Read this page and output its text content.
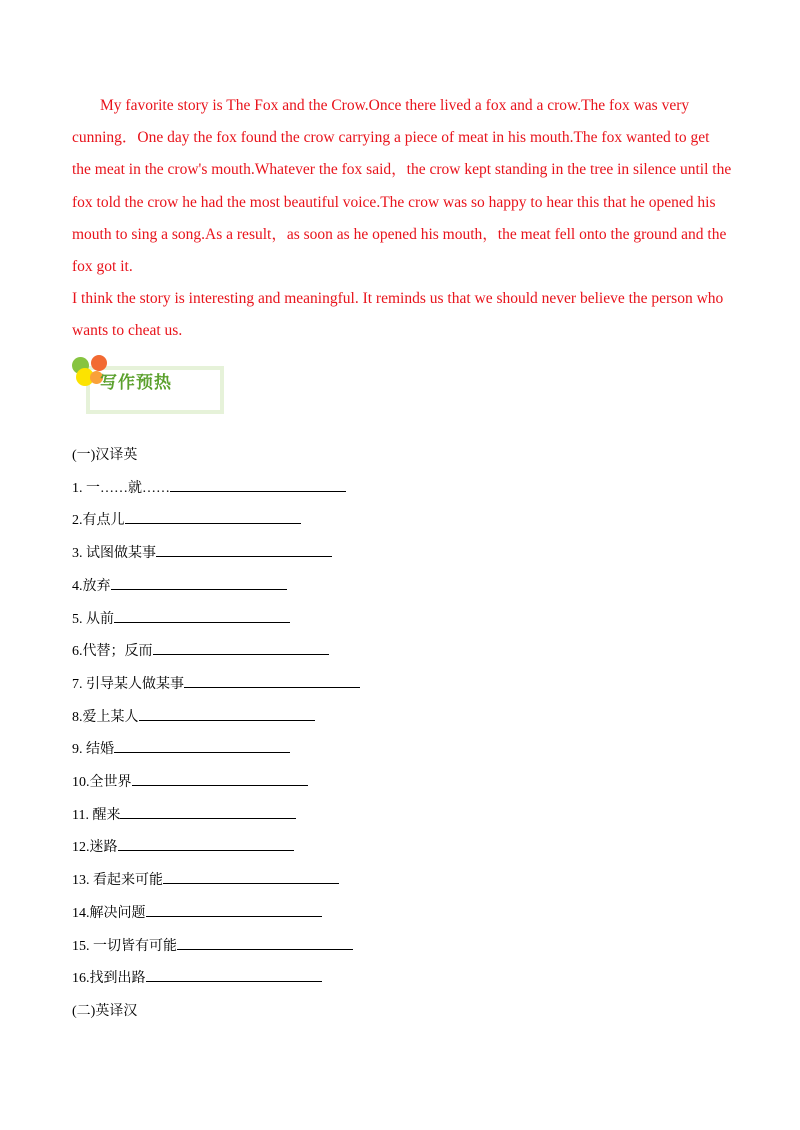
My favorite story is The Fox and the Crow.Once there lived a fox and a crow.The fox was very cunning．One day the fox found the crow carrying a piece of meat in his mouth.The fox wanted to get the meat in the crow's mouth.Whatever the fox said，the crow kept standing in the tree in silence until the fox told the crow he had the most beautiful voice.The crow was so happy to hear this that he opened his mouth to sing a song.As a result，as soon as he opened his mouth，the meat fell onto the ground and the fox got it.

I think the story is interesting and meaningful. It reminds us that we should never believe the person who wants to cheat us.

写作预热
(一)汉译英
1. 一……就……
2.有点儿
3. 试图做某事
4.放弃
5. 从前
6.代替；反而
7. 引导某人做某事
8.爱上某人
9. 结婚
10.全世界
11. 醒来
12.迷路
13. 看起来可能
14.解决问题
15. 一切皆有可能
16.找到出路
(二)英译汉
